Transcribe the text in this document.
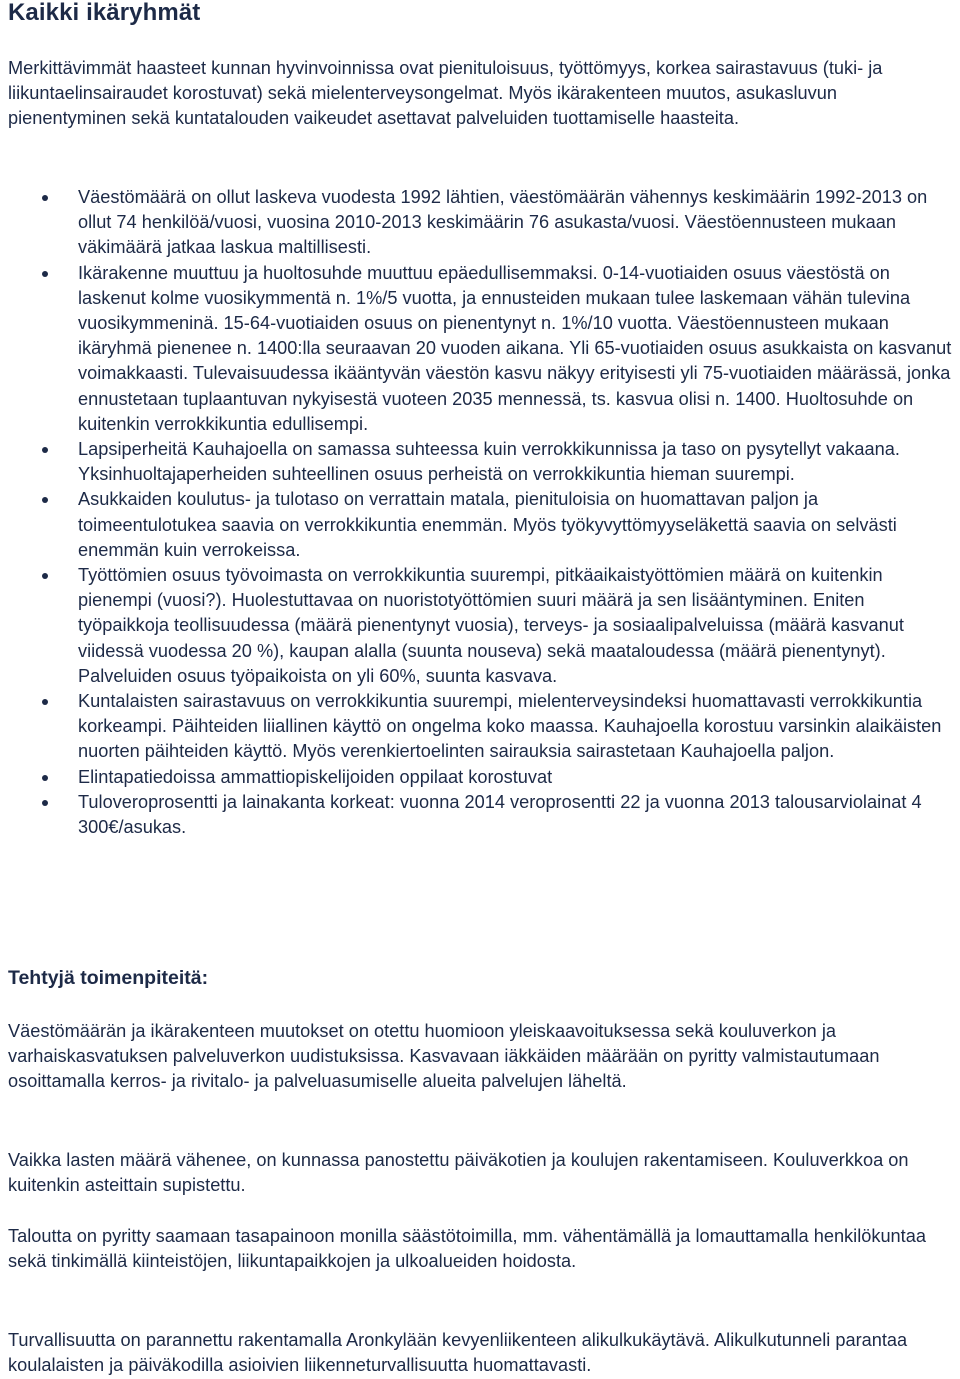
Kaikki ikäryhmät

Merkittävimmät haasteet kunnan hyvinvoinnissa ovat pienituloisuus, työttömyys, korkea sairastavuus (tuki- ja liikuntaelinsairaudet korostuvat) sekä mielenterveysongelmat. Myös ikärakenteen muutos, asukasluvun pienentyminen sekä kuntatalouden vaikeudet asettavat palveluiden tuottamiselle haasteita.

Väestömäärä on ollut laskeva vuodesta 1992 lähtien, väestömäärän vähennys keskimäärin 1992-2013 on ollut 74 henkilöä/vuosi, vuosina 2010-2013 keskimäärin 76 asukasta/vuosi. Väestöennusteen mukaan väkimäärä jatkaa laskua maltillisesti.
Ikärakenne muuttuu ja huoltosuhde muuttuu epäedullisemmaksi. 0-14-vuotiaiden osuus väestöstä on laskenut kolme vuosikymmentä n. 1%/5 vuotta, ja ennusteiden mukaan tulee laskemaan vähän tulevina vuosikymmeninä. 15-64-vuotiaiden osuus on pienentynyt n. 1%/10 vuotta. Väestöennusteen mukaan ikäryhmä pienenee n. 1400:lla seuraavan 20 vuoden aikana. Yli 65-vuotiaiden osuus asukkaista on kasvanut voimakkaasti. Tulevaisuudessa ikääntyvän väestön kasvu näkyy erityisesti yli 75-vuotiaiden määrässä, jonka ennustetaan tuplaantuvan nykyisestä vuoteen 2035 mennessä, ts. kasvua olisi n. 1400. Huoltosuhde on kuitenkin verrokkikuntia edullisempi.
Lapsiperheitä Kauhajoella on samassa suhteessa kuin verrokkikunnissa ja taso on pysytellyt vakaana. Yksinhuoltajaperheiden suhteellinen osuus perheistä on verrokkikuntia hieman suurempi.
Asukkaiden koulutus- ja tulotaso on verrattain matala, pienituloisia on huomattavan paljon ja toimeentulotukea saavia on verrokkikuntia enemmän. Myös työkyvyttömyyseläkettä saavia on selvästi enemmän kuin verrokeissa.
Työttömien osuus työvoimasta on verrokkikuntia suurempi, pitkäaikaistyöttömien määrä on kuitenkin pienempi (vuosi?). Huolestuttavaa on nuoristotyöttömien suuri määrä ja sen lisääntyminen. Eniten työpaikkoja teollisuudessa (määrä pienentynyt vuosia), terveys- ja sosiaalipalveluissa (määrä kasvanut viidessä vuodessa 20 %), kaupan alalla (suunta nouseva) sekä maataloudessa (määrä pienentynyt). Palveluiden osuus työpaikoista on yli 60%, suunta kasvava.
Kuntalaisten sairastavuus on verrokkikuntia suurempi, mielenterveysindeksi huomattavasti verrokkikuntia korkeampi. Päihteiden liiallinen käyttö on ongelma koko maassa. Kauhajoella korostuu varsinkin alaikäisten nuorten päihteiden käyttö. Myös verenkiertoelinten sairauksia sairastetaan Kauhajoella paljon.
Elintapatiedoissa ammattiopiskelijoiden oppilaat korostuvat
Tuloveroprosentti ja lainakanta korkeat: vuonna 2014 veroprosentti 22 ja vuonna 2013 talousarviolainat 4 300€/asukas.
Tehtyjä toimenpiteitä:

Väestömäärän ja ikärakenteen muutokset on otettu huomioon yleiskaavoituksessa sekä kouluverkon ja varhaiskasvatuksen palveluverkon uudistuksissa. Kasvavaan iäkkäiden määrään on pyritty valmistautumaan osoittamalla kerros- ja rivitalo- ja palveluasumiselle alueita palvelujen läheltä.

Vaikka lasten määrä vähenee, on kunnassa panostettu päiväkotien ja koulujen rakentamiseen. Kouluverkkoa on kuitenkin asteittain supistettu.

Taloutta on pyritty saamaan tasapainoon monilla säästötoimilla, mm. vähentämällä ja lomauttamalla henkilökuntaa sekä tinkimällä kiinteistöjen, liikuntapaikkojen ja ulkoalueiden hoidosta.

Turvallisuutta on parannettu rakentamalla Aronkylään kevyenliikenteen alikulkukäytävä. Alikulkutunneli parantaa koulalaisten ja päiväkodilla asioivien liikenneturvallisuutta huomattavasti.
